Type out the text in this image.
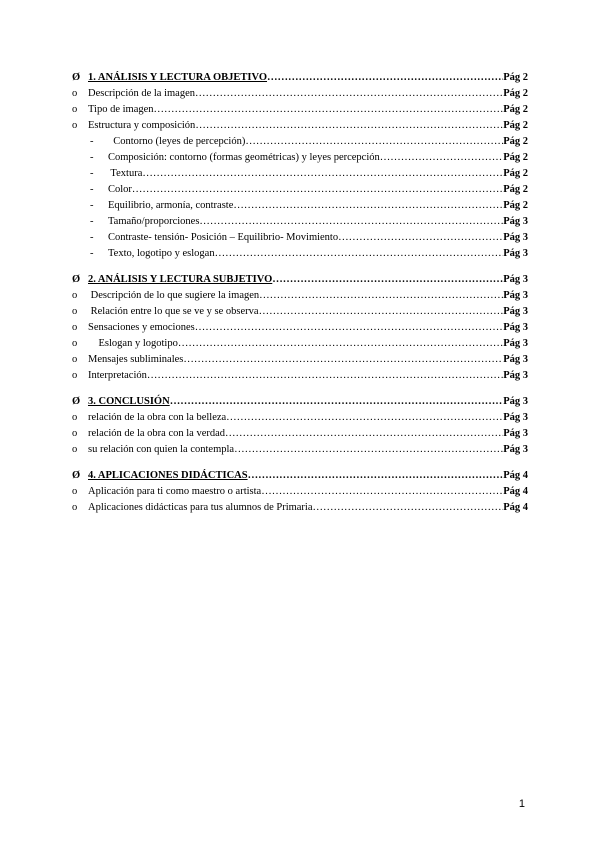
Ø 1. ANÁLISIS Y LECTURA OBJETIVO …………………………………………………………………………………………………………………………………………………………………………………………………	Pág 2
o	Descripción de la imagen …………………………………………………………………………………………………………………………………………………………………………………………………	Pág 2
o	Tipo de imagen …………………………………………………………………………………………………………………………………………………………………………………………………	Pág 2
o	Estructura y composición …………………………………………………………………………………………………………………………………………………………………………………………………	Pág 2
-	Contorno (leyes de percepción) …………………………………………………………………………………………………………………………………………………………………………………………………	Pág 2
-	Composición: contorno (formas geométricas) y leyes percepción …………………………………………………………………………………………………………………………………………………………………………………………………	Pág 2
-	Textura …………………………………………………………………………………………………………………………………………………………………………………………………	Pág 2
-	Color …………………………………………………………………………………………………………………………………………………………………………………………………	Pág 2
-	Equilibrio, armonía, contraste …………………………………………………………………………………………………………………………………………………………………………………………………	Pág 2
-	Tamaño/proporciones …………………………………………………………………………………………………………………………………………………………………………………………………	Pág 3
-	Contraste- tensión- Posición – Equilibrio- Movimiento …………………………………………………………………………………………………………………………………………………………………………………………………	Pág 3
-	Texto, logotipo y eslogan …………………………………………………………………………………………………………………………………………………………………………………………………	Pág 3
Ø 2. ANÁLISIS Y LECTURA SUBJETIVO …………………………………………………………………………………………………………………………………………………………………………………………………	Pág 3
o	Descripción de lo que sugiere la imagen …………………………………………………………………………………………………………………………………………………………………………………………………	Pág 3
o	Relación entre lo que se ve y se observa …………………………………………………………………………………………………………………………………………………………………………………………………	Pág 3
o	Sensaciones y emociones …………………………………………………………………………………………………………………………………………………………………………………………………	Pág 3
o	Eslogan y logotipo …………………………………………………………………………………………………………………………………………………………………………………………………	Pág 3
o	Mensajes subliminales …………………………………………………………………………………………………………………………………………………………………………………………………	Pág 3
o	Interpretación …………………………………………………………………………………………………………………………………………………………………………………………………	Pág 3
Ø 3. CONCLUSIÓN …………………………………………………………………………………………………………………………………………………………………………………………………	Pág 3
o	relación de la obra con la belleza …………………………………………………………………………………………………………………………………………………………………………………………………	Pág 3
o	relación de la obra con la verdad …………………………………………………………………………………………………………………………………………………………………………………………………	Pág 3
o	su relación con quien la contempla …………………………………………………………………………………………………………………………………………………………………………………………………	Pág 3
Ø 4. APLICACIONES DIDÁCTICAS …………………………………………………………………………………………………………………………………………………………………………………………………	Pág 4
o	Aplicación para ti como maestro o artista …………………………………………………………………………………………………………………………………………………………………………………………………	Pág 4
o	Aplicaciones didácticas para tus alumnos de Primaria …………………………………………………………………………………………………………………………………………………………………………………………………	Pág 4
1
